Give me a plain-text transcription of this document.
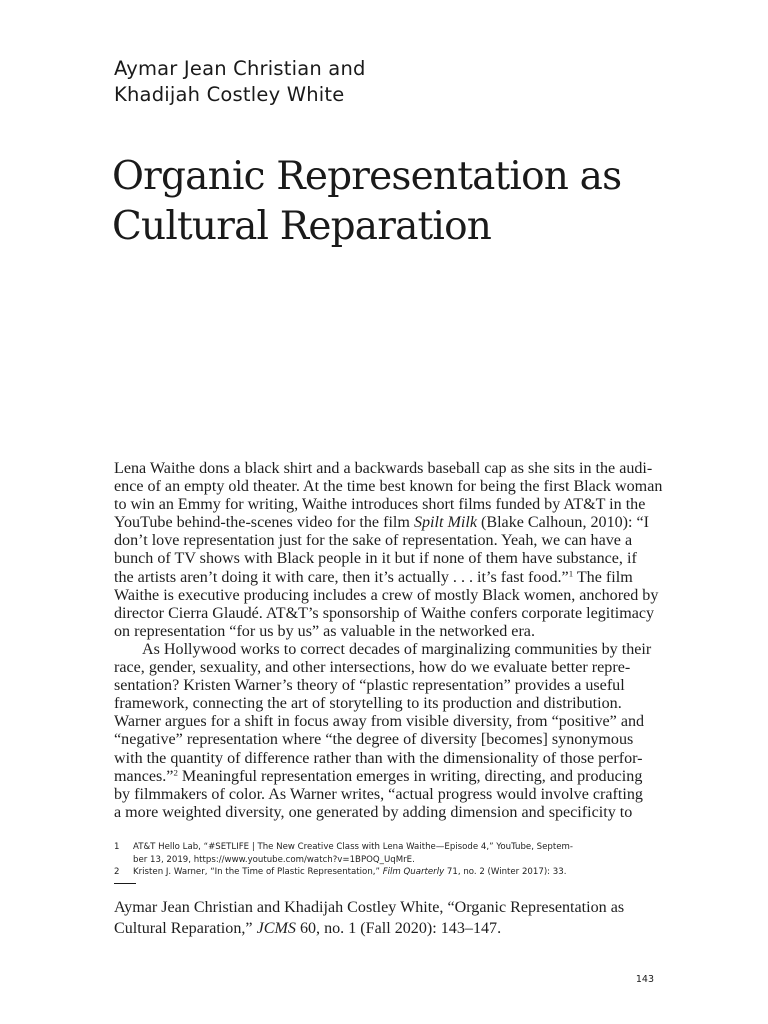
Aymar Jean Christian and
Khadijah Costley White
Organic Representation as
Cultural Reparation

Lena Waithe dons a black shirt and a backwards baseball cap as she sits in the audi-
ence of an empty old theater. At the time best known for being the first Black woman
to win an Emmy for writing, Waithe introduces short films funded by AT&T in the
YouTube behind-the-scenes video for the film Spilt Milk (Blake Calhoun, 2010): “I
don’t love representation just for the sake of representation. Yeah, we can have a
bunch of TV shows with Black people in it but if none of them have substance, if
the artists aren’t doing it with care, then it’s actually . . . it’s fast food.”$^1$ The film
Waithe is executive producing includes a crew of mostly Black women, anchored by
director Cierra Glaudé. AT&T’s sponsorship of Waithe confers corporate legitimacy
on representation “for us by us” as valuable in the networked era.

As Hollywood works to correct decades of marginalizing communities by their
race, gender, sexuality, and other intersections, how do we evaluate better repre-
sentation? Kristen Warner’s theory of “plastic representation” provides a useful
framework, connecting the art of storytelling to its production and distribution.
Warner argues for a shift in focus away from visible diversity, from “positive” and
“negative” representation where “the degree of diversity [becomes] synonymous
with the quantity of difference rather than with the dimensionality of those perfor-
mances.”$^2$ Meaningful representation emerges in writing, directing, and producing
by filmmakers of color. As Warner writes, “actual progress would involve crafting
a more weighted diversity, one generated by adding dimension and specificity to

1 AT&T Hello Lab, “#SETLIFE | The New Creative Class with Lena Waithe—Episode 4,” YouTube, Septem-
ber 13, 2019, https://www.youtube.com/watch?v=1BPOQ_UqMrE.
2 Kristen J. Warner, “In the Time of Plastic Representation,” Film Quarterly 71, no. 2 (Winter 2017): 33.
Aymar Jean Christian and Khadijah Costley White, “Organic Representation as
Cultural Reparation,” JCMS 60, no. 1 (Fall 2020): 143–147.
143
